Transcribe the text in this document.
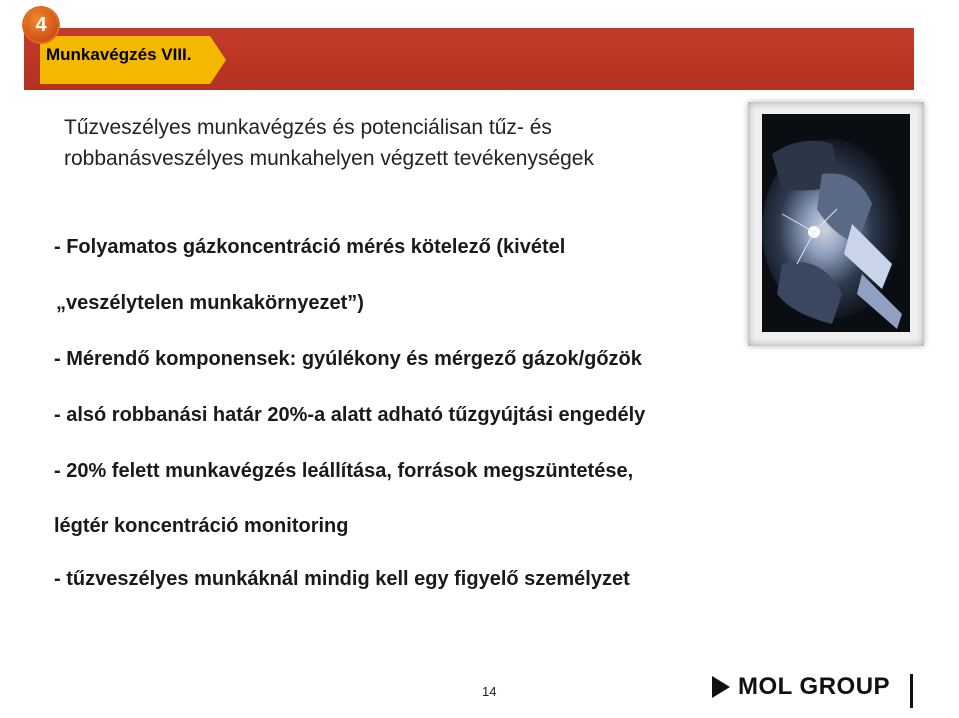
Munkavégzés VIII.
4
Tűzveszélyes munkavégzés és potenciálisan tűz- és
robbanásveszélyes munkahelyen végzett tevékenységek
- Folyamatos gázkoncentráció mérés kötelező (kivétel
„veszélytelen munkakörnyezet”)
- Mérendő komponensek: gyúlékony és mérgező gázok/gőzök
- alsó robbanási határ 20%-a alatt adható tűzgyújtási engedély
- 20% felett munkavégzés leállítása, források megszüntetése,
légtér koncentráció monitoring
- tűzveszélyes munkáknál mindig kell egy figyelő személyzet
14	MOL GROUP
